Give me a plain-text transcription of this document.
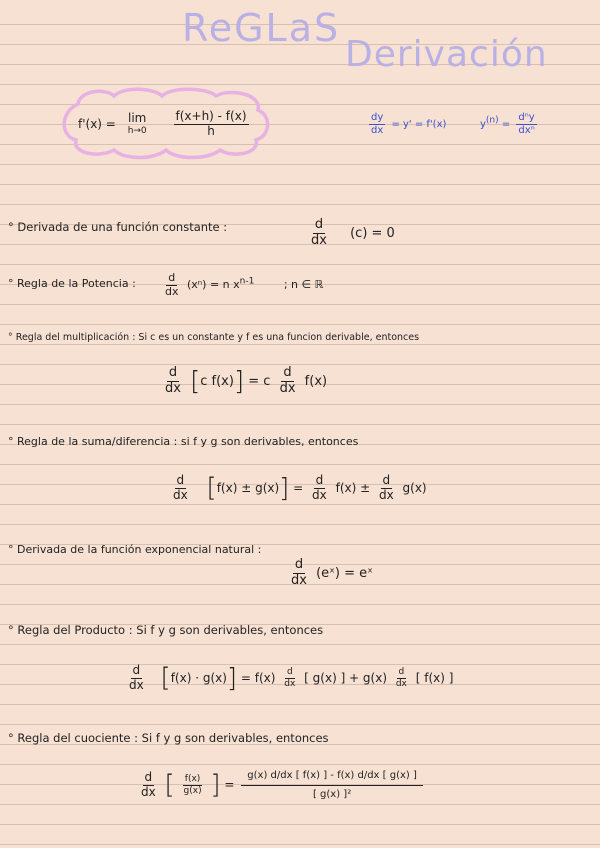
ReGLaS
Derivación
f'(x) = lim
h→0
$\frac{f(x+h) - f(x)}{h}$	$\frac{dy}{dx} = y' = f'(x)$	$y^{(n)} = \frac{\text{dⁿy}}{\text{dxⁿ}}$
° Derivada de una función constante :	$\frac{d}{dx} (c) = 0$
° Regla de la Potencia : $\frac{d}{dx} (x^n) = n$ $x^{n-1}$	; n ∈ ℝ
° Regla del multiplicación : Si c es un constante y f es una funcion derivable, entonces
$\frac{d}{dx} [c$ f(x)] = c $\frac{d}{dx} f(x)$
° Regla de la suma/diferencia : si f y g son derivables, entonces
$\frac{d}{dx} [f(x) \pm g(x)] = \frac{d}{dx} f(x) \pm \frac{d}{dx} g(x)$
° Derivada de la función exponencial natural :
$\frac{d}{dx}$ (eˣ) = eˣ
° Regla del Producto : Si f y g son derivables, entonces
$\frac{d}{dx} [f(x) \cdot g(x)] = f(x) \frac{d}{dx}$ [ g(x) ] + $g(x) \frac{d}{dx}$ [ f(x) ]
° Regla del cuociente : Si f y g son derivables, entonces
$\frac{d}{dx}$ [ $\frac{f(x)}{g(x)}$ ] = $\frac{g(x) d/dx [ f(x) ] - f(x) d/dx [ g(x) ]}{\text{[ g(x) ]²}}$
